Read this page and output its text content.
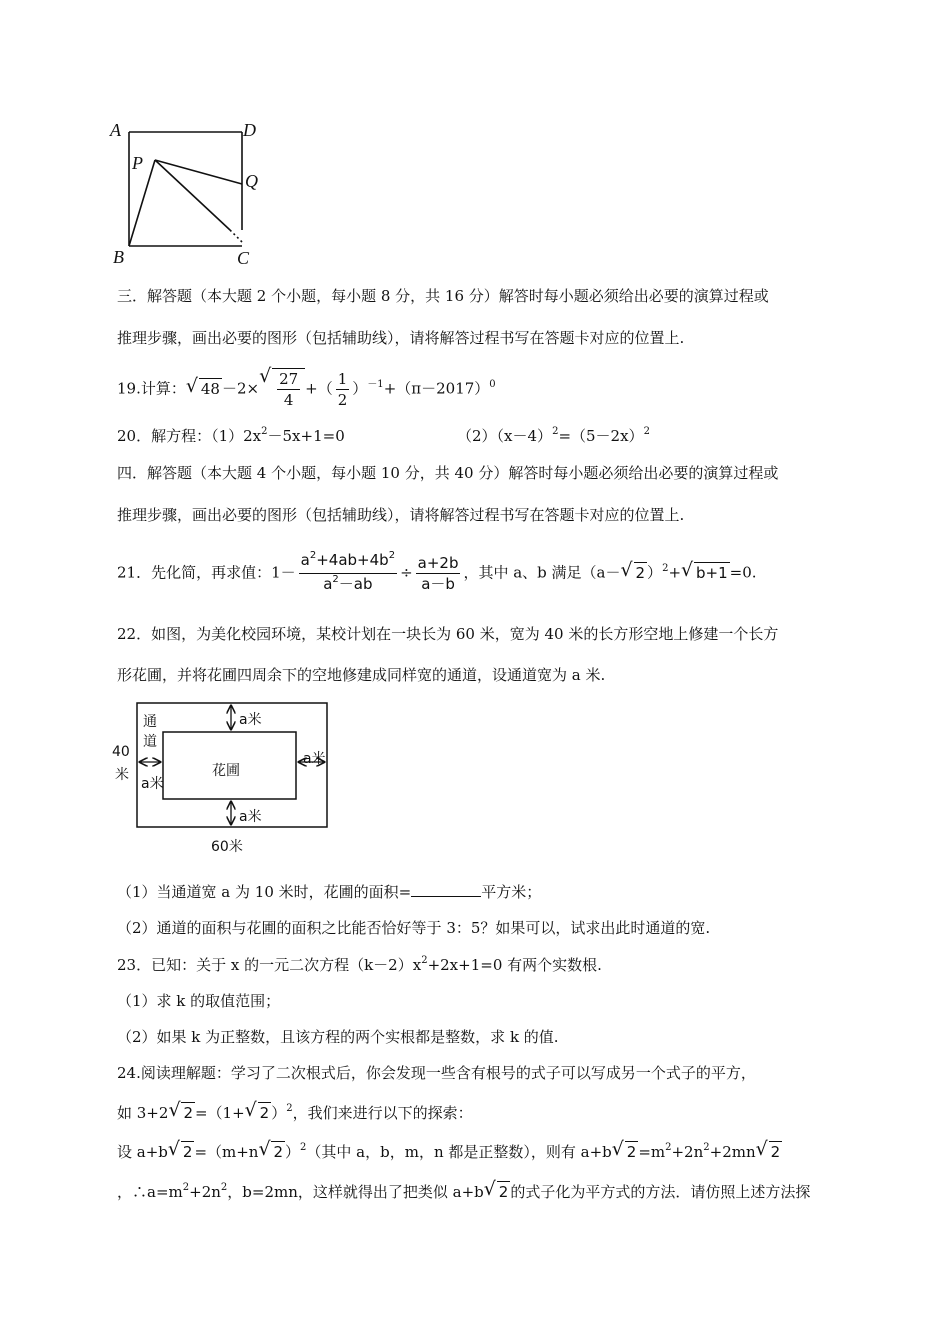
A	D
P
Q
B	C
三．解答题（本大题 2 个小题，每小题 8 分，共 16 分）解答时每小题必须给出必要的演算过程或
推理步骤，画出必要的图形（包括辅助线），请将解答过程书写在答题卡对应的位置上.
19.计算：√ 48 －2×
√ $\frac{27}{4}$ +（ $\frac{1}{2} )^{-1}+(\pi-2017)^0$
20．解方程：$(1)2x^2-5x+1=0$	$(2)(x-4)^2=(5-2x)^2$
四．解答题（本大题 4 个小题，每小题 10 分，共 40 分）解答时每小题必须给出必要的演算过程或
推理步骤，画出必要的图形（包括辅助线），请将解答过程书写在答题卡对应的位置上.
21．先化简，再求值：$1- \frac{a^2+4ab+4b^2}{a^2-ab} \div \frac{a+2b}{a-b}$ ，其中 a、b 满足（a－√ 2 ）$^2$+√ b+1 =0.
22．如图，为美化校园环境，某校计划在一块长为 60 米，宽为 40 米的长方形空地上修建一个长方
形花圃，并将花圃四周余下的空地修建成同样宽的通道，设通道宽为 a 米.
a米
a米
a米
a米
通
道
花圃
40
米
60米
（1）当通道宽 a 为 10 米时，花圃的面积=	平方米；
（2）通道的面积与花圃的面积之比能否恰好等于 3：5？如果可以，试求出此时通道的宽.
23．已知：关于 x 的一元二次方程$(k-2)x^2+2x+1=0$ 有两个实数根.
（1）求 k 的取值范围；
（2）如果 k 为正整数，且该方程的两个实根都是整数，求 k 的值.
24.阅读理解题：学习了二次根式后，你会发现一些含有根号的式子可以写成另一个式子的平方，
如 3+2√ 2 =（1+√ 2 ）$^2$，我们来进行以下的探索：
设 a+b√ 2 =（m+n√ 2 ）$^2$（其中 a，b，m，n 都是正整数），则有 a+b√ $2 =m^2+2n^2+2mn√$ 2
，$\therefore a=m^2+2n^2$，b=2mn，这样就得出了把类似 a+b√ 2 的式子化为平方式的方法．请仿照上述方法探
